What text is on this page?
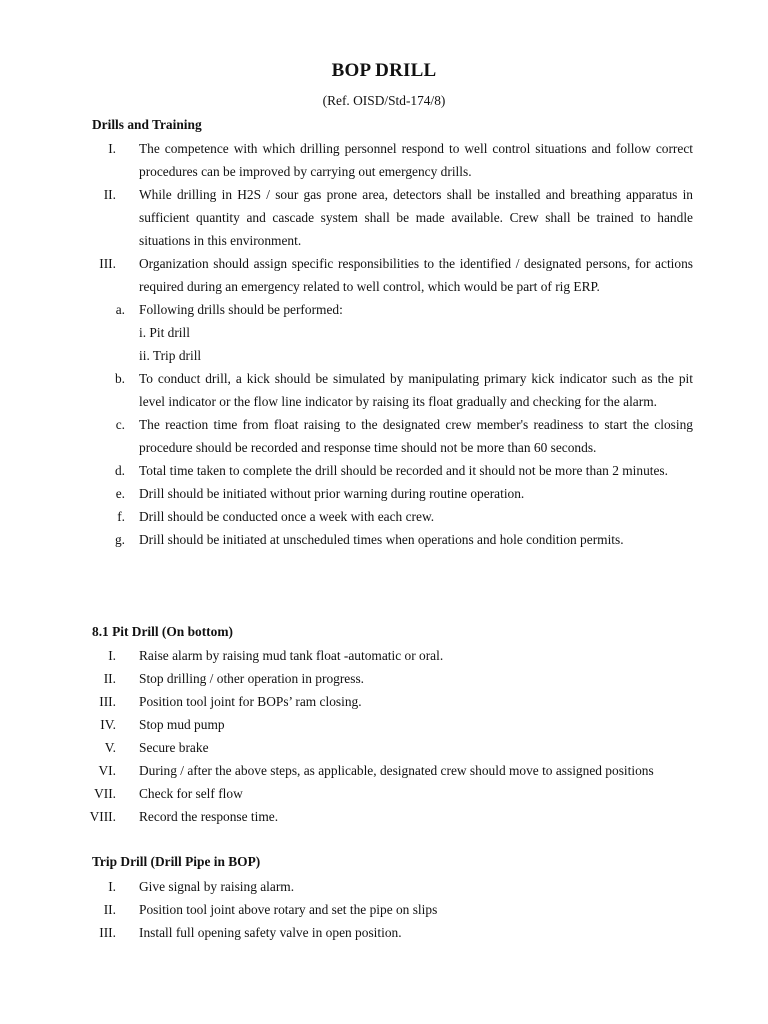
BOP DRILL
(Ref. OISD/Std-174/8)
Drills and Training
I. The competence with which drilling personnel respond to well control situations and follow correct procedures can be improved by carrying out emergency drills.
II. While drilling in H2S / sour gas prone area, detectors shall be installed and breathing apparatus in sufficient quantity and cascade system shall be made available. Crew shall be trained to handle situations in this environment.
III. Organization should assign specific responsibilities to the identified / designated persons, for actions required during an emergency related to well control, which would be part of rig ERP.
a. Following drills should be performed:
i. Pit drill
ii. Trip drill
b. To conduct drill, a kick should be simulated by manipulating primary kick indicator such as the pit level indicator or the flow line indicator by raising its float gradually and checking for the alarm.
c. The reaction time from float raising to the designated crew member's readiness to start the closing procedure should be recorded and response time should not be more than 60 seconds.
d. Total time taken to complete the drill should be recorded and it should not be more than 2 minutes.
e. Drill should be initiated without prior warning during routine operation.
f. Drill should be conducted once a week with each crew.
g. Drill should be initiated at unscheduled times when operations and hole condition permits.
8.1 Pit Drill (On bottom)
I. Raise alarm by raising mud tank float -automatic or oral.
II. Stop drilling / other operation in progress.
III. Position tool joint for BOPs’ ram closing.
IV. Stop mud pump
V. Secure brake
VI. During / after the above steps, as applicable, designated crew should move to assigned positions
VII. Check for self flow
VIII. Record the response time.
Trip Drill (Drill Pipe in BOP)
I. Give signal by raising alarm.
II. Position tool joint above rotary and set the pipe on slips
III. Install full opening safety valve in open position.
